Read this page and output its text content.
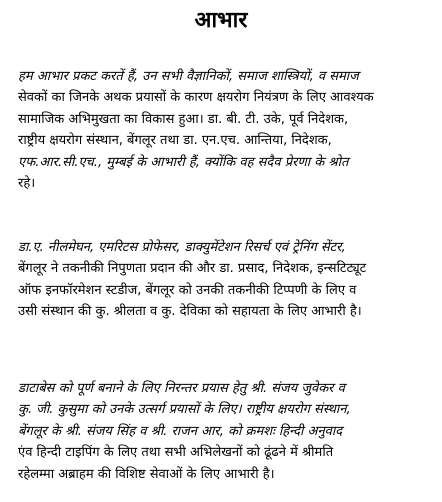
आभार

हम आभार प्रकट करतें हैं, उन सभी वैज्ञानिकों, समाज शास्त्रियों, व समाज
सेवकों का जिनके अथक प्रयासों के कारण क्षयरोग नियंत्रण के लिए आवश्यक
सामाजिक अभिमुखता का विकास हुआ। डा. बी. टी. उके, पूर्व निदेशक,
राष्ट्रीय क्षयरोग संस्थान, बेंगलूर तथा डा. एन.एच. आन्तिया, निदेशक,
एफ.आर.सी.एच., मुम्बई के आभारी हैं, क्योंकि वह सदैव प्रेरणा के श्रोत
रहे।

डा.ए. नीलमेघन, एमरिटस प्रोफेसर, डाक्युमेंटेशन रिसर्च एवं ट्रेनिंग सेंटर,
बेंगलूर ने तकनीकी निपुणता प्रदान की और डा. प्रसाद, निदेशक, इन्सटिट्यूट
ऑफ इनफॉरमेशन स्टडीज, बेंगलूर को उनकी तकनीकी टिप्पणी के लिए व
उसी संस्थान की कु. श्रीलता व कु. देविका को सहायता के लिए आभारी है।

डाटाबेस को पूर्ण बनाने के लिए निरन्तर प्रयास हेतु श्री. संजय जुवेकर व
कु. जी. कुसुमा को उनके उत्सर्ग प्रयासों के लिए। राष्ट्रीय क्षयरोग संस्थान,
बेंगलूर के श्री. संजय सिंह व श्री. राजन आर, को क्रमशः हिन्दी अनुवाद
एंव हिन्दी टाइपिंग के लिए तथा सभी अभिलेखनों को ढूंढने में श्रीमति
रहेलम्मा अब्राहम की विशिष्ट सेवाओं के लिए आभारी है।
